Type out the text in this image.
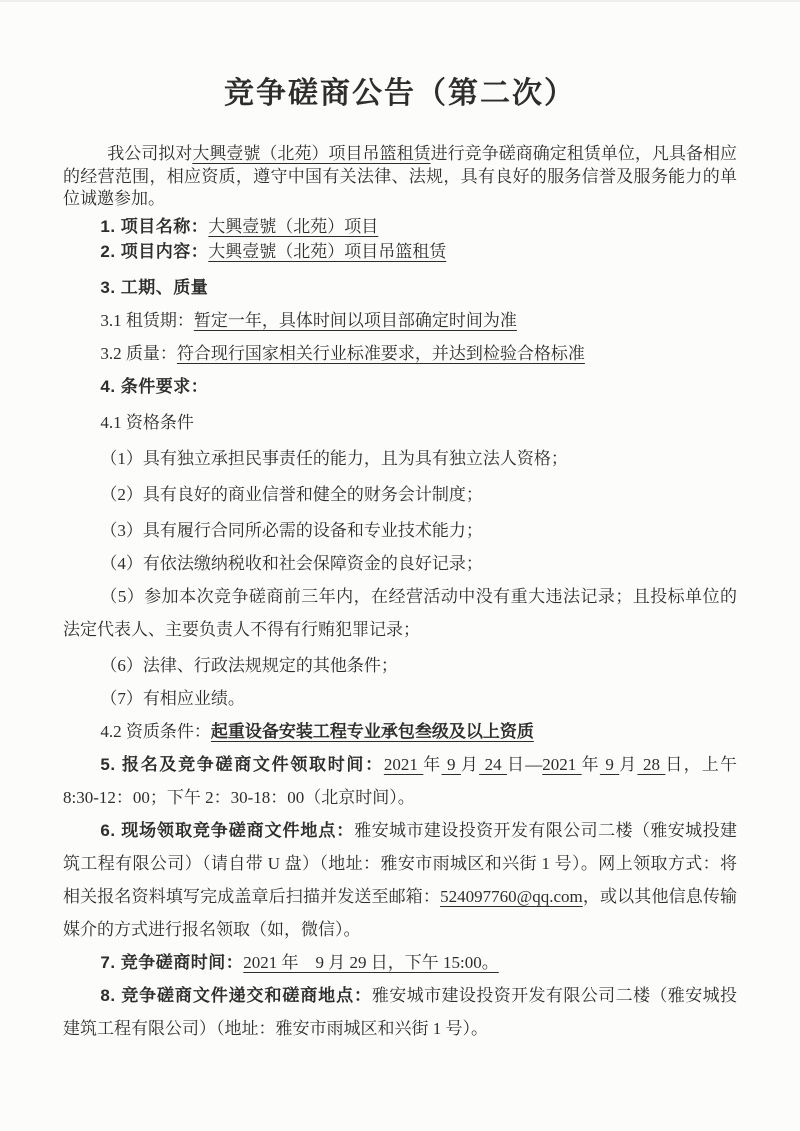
竞争磋商公告（第二次）

我公司拟对大興壹號（北苑）项目吊篮租赁进行竞争磋商确定租赁单位，凡具备相应的经营范围，相应资质，遵守中国有关法律、法规，具有良好的服务信誉及服务能力的单位诚邀参加。

1. 项目名称：大興壹號（北苑）项目

2. 项目内容：大興壹號（北苑）项目吊篮租赁

3. 工期、质量

3.1 租赁期：暂定一年，具体时间以项目部确定时间为准

3.2 质量：符合现行国家相关行业标准要求，并达到检验合格标准

4. 条件要求：

4.1 资格条件

（1）具有独立承担民事责任的能力，且为具有独立法人资格；

（2）具有良好的商业信誉和健全的财务会计制度；

（3）具有履行合同所必需的设备和专业技术能力；

（4）有依法缴纳税收和社会保障资金的良好记录；

（5）参加本次竞争磋商前三年内，在经营活动中没有重大违法记录；且投标单位的法定代表人、主要负责人不得有行贿犯罪记录；

（6）法律、行政法规规定的其他条件；

（7）有相应业绩。

4.2 资质条件：起重设备安装工程专业承包叁级及以上资质

5. 报名及竞争磋商文件领取时间：2021 年 9 月 24 日—2021 年 9 月 28 日，上午 8:30-12：00；下午 2：30-18：00（北京时间）。

6. 现场领取竞争磋商文件地点：雅安城市建设投资开发有限公司二楼（雅安城投建筑工程有限公司）（请自带 U 盘）（地址：雅安市雨城区和兴街 1 号）。网上领取方式：将相关报名资料填写完成盖章后扫描并发送至邮箱：524097760@qq.com，或以其他信息传输媒介的方式进行报名领取（如，微信）。

7. 竞争磋商时间：2021 年　9 月 29 日，下午 15:00。

8. 竞争磋商文件递交和磋商地点：雅安城市建设投资开发有限公司二楼（雅安城投建筑工程有限公司）（地址：雅安市雨城区和兴街 1 号）。
